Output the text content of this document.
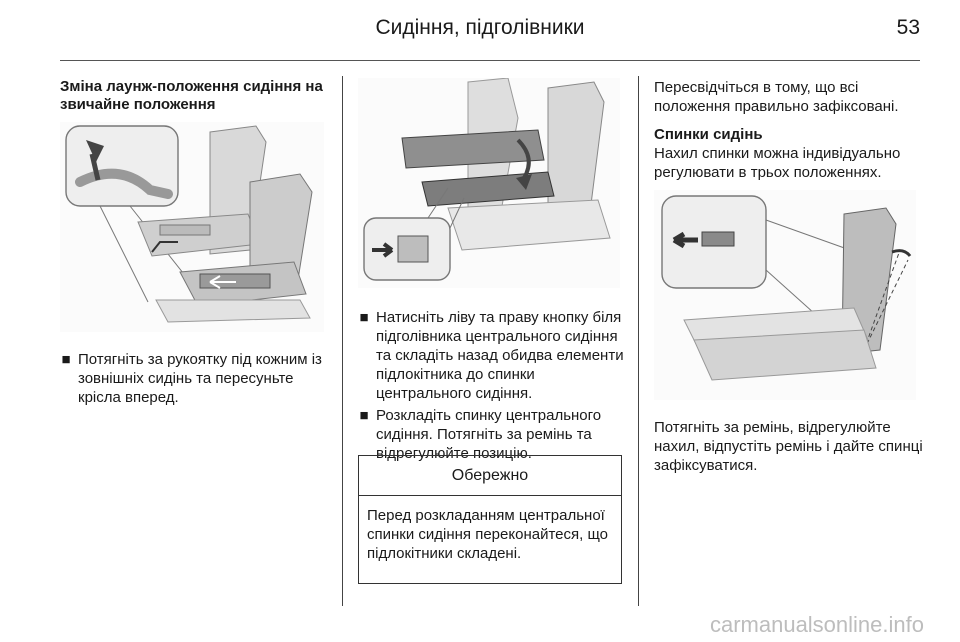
Сидіння, підголівники	53
Зміна лаунж-положення сидіння на звичайне положення
■ Потягніть за рукоятку під кожним із зовнішніх сидінь та пересуньте крісла вперед.
■ Натисніть ліву та праву кнопку біля підголівника центрального сидіння та складіть назад обидва елементи підлокітника до спинки центрального сидіння.
■ Розкладіть спинку центрального сидіння. Потягніть за ремінь та відрегулюйте позицію.
Обережно
Перед розкладанням центральної спинки сидіння переконайтеся, що підлокітники складені.
Пересвідчіться в тому, що всі положення правильно зафіксовані.
Спинки сидінь
Нахил спинки можна індивідуально регулювати в трьох положеннях.
Потягніть за ремінь, відрегулюйте нахил, відпустіть ремінь і дайте спинці зафіксуватися.
carmanualsonline.info
